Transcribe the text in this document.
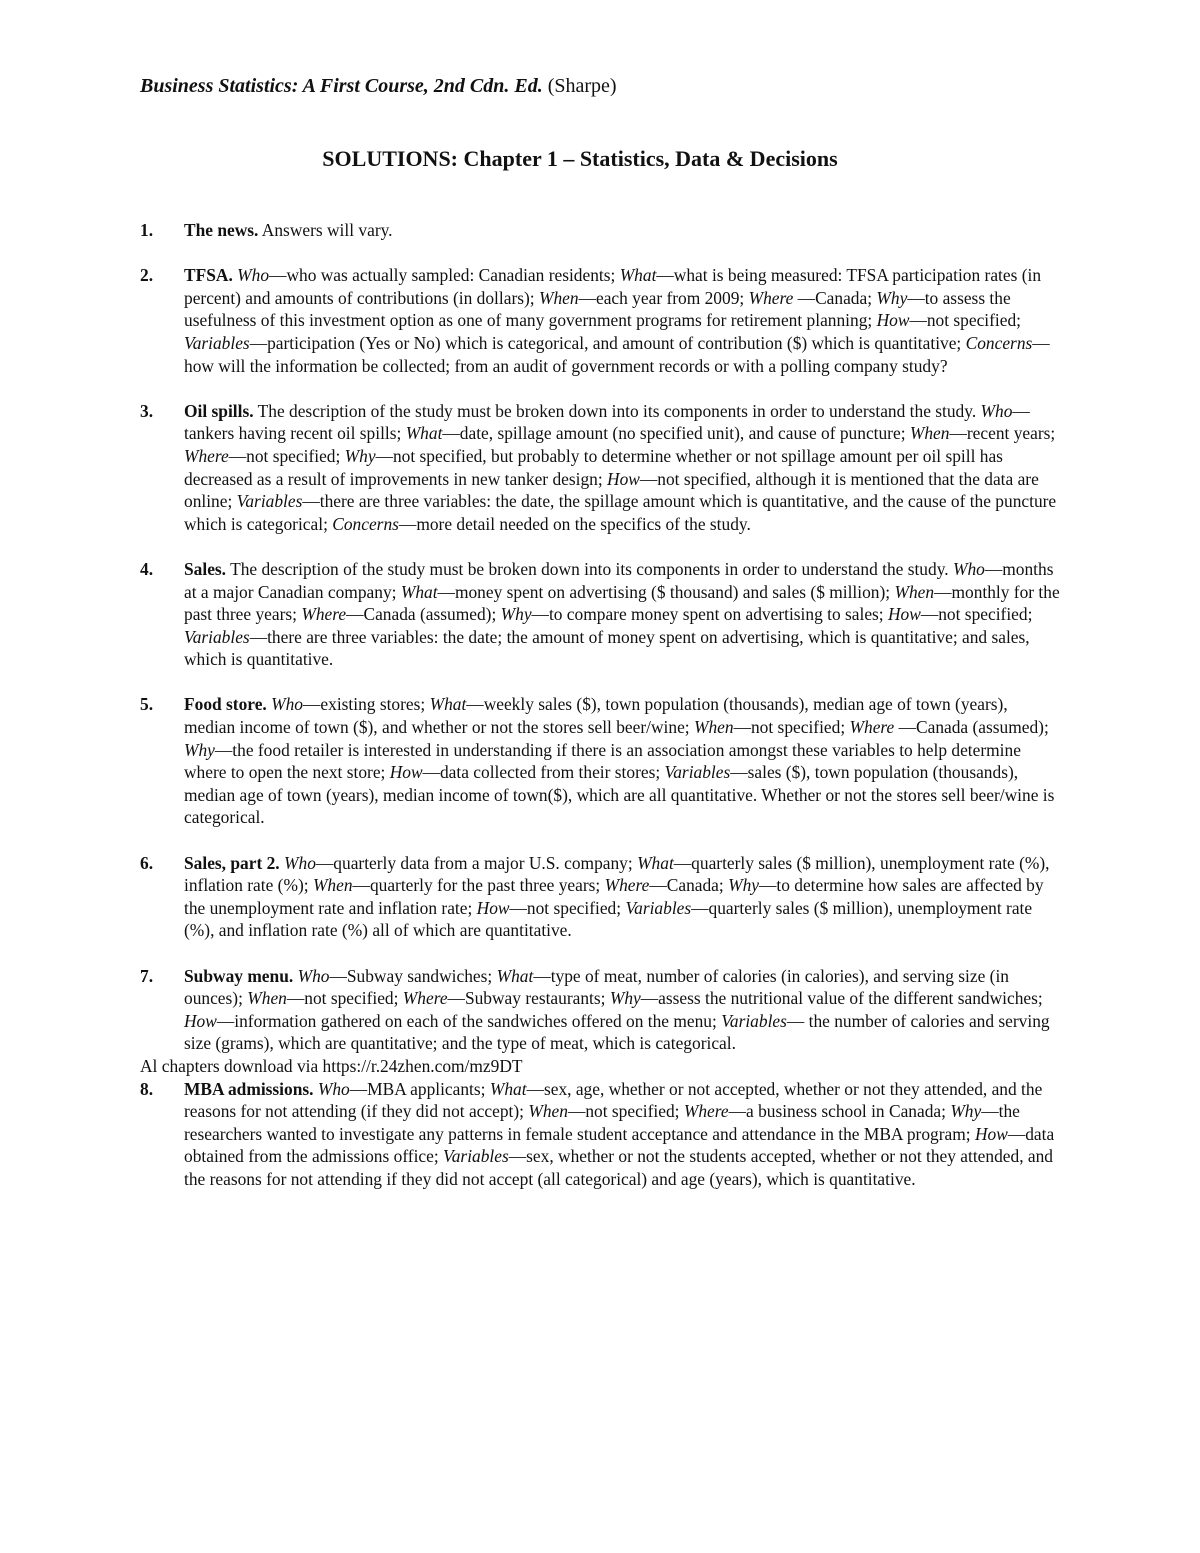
Business Statistics: A First Course, 2nd Cdn. Ed. (Sharpe)
SOLUTIONS: Chapter 1 – Statistics, Data & Decisions
1. The news. Answers will vary.
2. TFSA. Who—who was actually sampled: Canadian residents; What—what is being measured: TFSA participation rates (in percent) and amounts of contributions (in dollars); When—each year from 2009; Where —Canada; Why—to assess the usefulness of this investment option as one of many government programs for retirement planning; How—not specified; Variables—participation (Yes or No) which is categorical, and amount of contribution ($) which is quantitative; Concerns—how will the information be collected; from an audit of government records or with a polling company study?
3. Oil spills. The description of the study must be broken down into its components in order to understand the study. Who—tankers having recent oil spills; What—date, spillage amount (no specified unit), and cause of puncture; When—recent years; Where—not specified; Why—not specified, but probably to determine whether or not spillage amount per oil spill has decreased as a result of improvements in new tanker design; How—not specified, although it is mentioned that the data are online; Variables—there are three variables: the date, the spillage amount which is quantitative, and the cause of the puncture which is categorical; Concerns—more detail needed on the specifics of the study.
4. Sales. The description of the study must be broken down into its components in order to understand the study. Who—months at a major Canadian company; What—money spent on advertising ($ thousand) and sales ($ million); When—monthly for the past three years; Where—Canada (assumed); Why—to compare money spent on advertising to sales; How—not specified; Variables—there are three variables: the date; the amount of money spent on advertising, which is quantitative; and sales, which is quantitative.
5. Food store. Who—existing stores; What—weekly sales ($), town population (thousands), median age of town (years), median income of town ($), and whether or not the stores sell beer/wine; When—not specified; Where —Canada (assumed); Why—the food retailer is interested in understanding if there is an association amongst these variables to help determine where to open the next store; How—data collected from their stores; Variables—sales ($), town population (thousands), median age of town (years), median income of town($), which are all quantitative. Whether or not the stores sell beer/wine is categorical.
6. Sales, part 2. Who—quarterly data from a major U.S. company; What—quarterly sales ($ million), unemployment rate (%), inflation rate (%); When—quarterly for the past three years; Where—Canada; Why—to determine how sales are affected by the unemployment rate and inflation rate; How—not specified; Variables—quarterly sales ($ million), unemployment rate (%), and inflation rate (%) all of which are quantitative.
7. Subway menu. Who—Subway sandwiches; What—type of meat, number of calories (in calories), and serving size (in ounces); When—not specified; Where—Subway restaurants; Why—assess the nutritional value of the different sandwiches; How—information gathered on each of the sandwiches offered on the menu; Variables— the number of calories and serving size (grams), which are quantitative; and the type of meat, which is categorical.

Al chapters download via https://r.24zhen.com/mz9DT

8. MBA admissions. Who—MBA applicants; What—sex, age, whether or not accepted, whether or not they attended, and the reasons for not attending (if they did not accept); When—not specified; Where—a business school in Canada; Why—the researchers wanted to investigate any patterns in female student acceptance and attendance in the MBA program; How—data obtained from the admissions office; Variables—sex, whether or not the students accepted, whether or not they attended, and the reasons for not attending if they did not accept (all categorical) and age (years), which is quantitative.
